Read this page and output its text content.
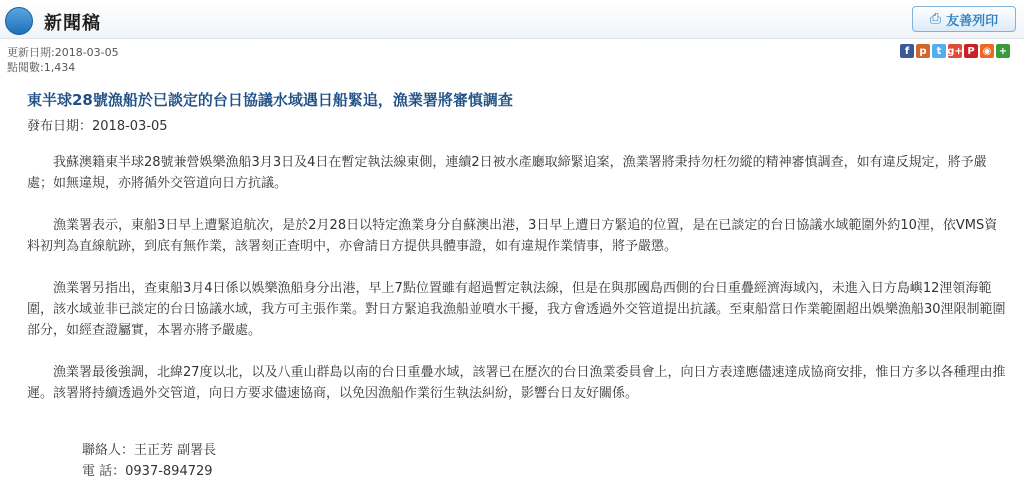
新聞稿	⎙ 友善列印
更新日期:2018-03-05
點閱數:1,434
f	p	t g+ P ◉ +
東半球28號漁船於已談定的台日協議水域遇日船緊追，漁業署將審慎調查
發布日期：2018-03-05

我蘇澳籍東半球28號兼營娛樂漁船3月3日及4日在暫定執法線東側，連續2日被水產廳取締緊追案，漁業署將秉持勿枉勿縱的精神審慎調查，如有違反規定，將予嚴處；如無違規，亦將循外交管道向日方抗議。

漁業署表示，東船3日早上遭緊追航次，是於2月28日以特定漁業身分自蘇澳出港，3日早上遭日方緊追的位置，是在已談定的台日協議水域範圍外約10浬，依VMS資料初判為直線航跡，到底有無作業，該署刻正查明中，亦會請日方提供具體事證，如有違規作業情事，將予嚴懲。

漁業署另指出，查東船3月4日係以娛樂漁船身分出港，早上7點位置雖有超過暫定執法線，但是在與那國島西側的台日重疊經濟海域內，未進入日方島嶼12浬領海範圍，該水域並非已談定的台日協議水域，我方可主張作業。對日方緊追我漁船並噴水干擾，我方會透過外交管道提出抗議。至東船當日作業範圍超出娛樂漁船30浬限制範圍部分，如經查證屬實，本署亦將予嚴處。

漁業署最後強調，北緯27度以北，以及八重山群島以南的台日重疊水域，該署已在歷次的台日漁業委員會上，向日方表達應儘速達成協商安排，惟日方多以各種理由推遲。該署將持續透過外交管道，向日方要求儘速協商，以免因漁船作業衍生執法糾紛，影響台日友好關係。

聯絡人：王正芳 副署長
電 話：0937-894729
